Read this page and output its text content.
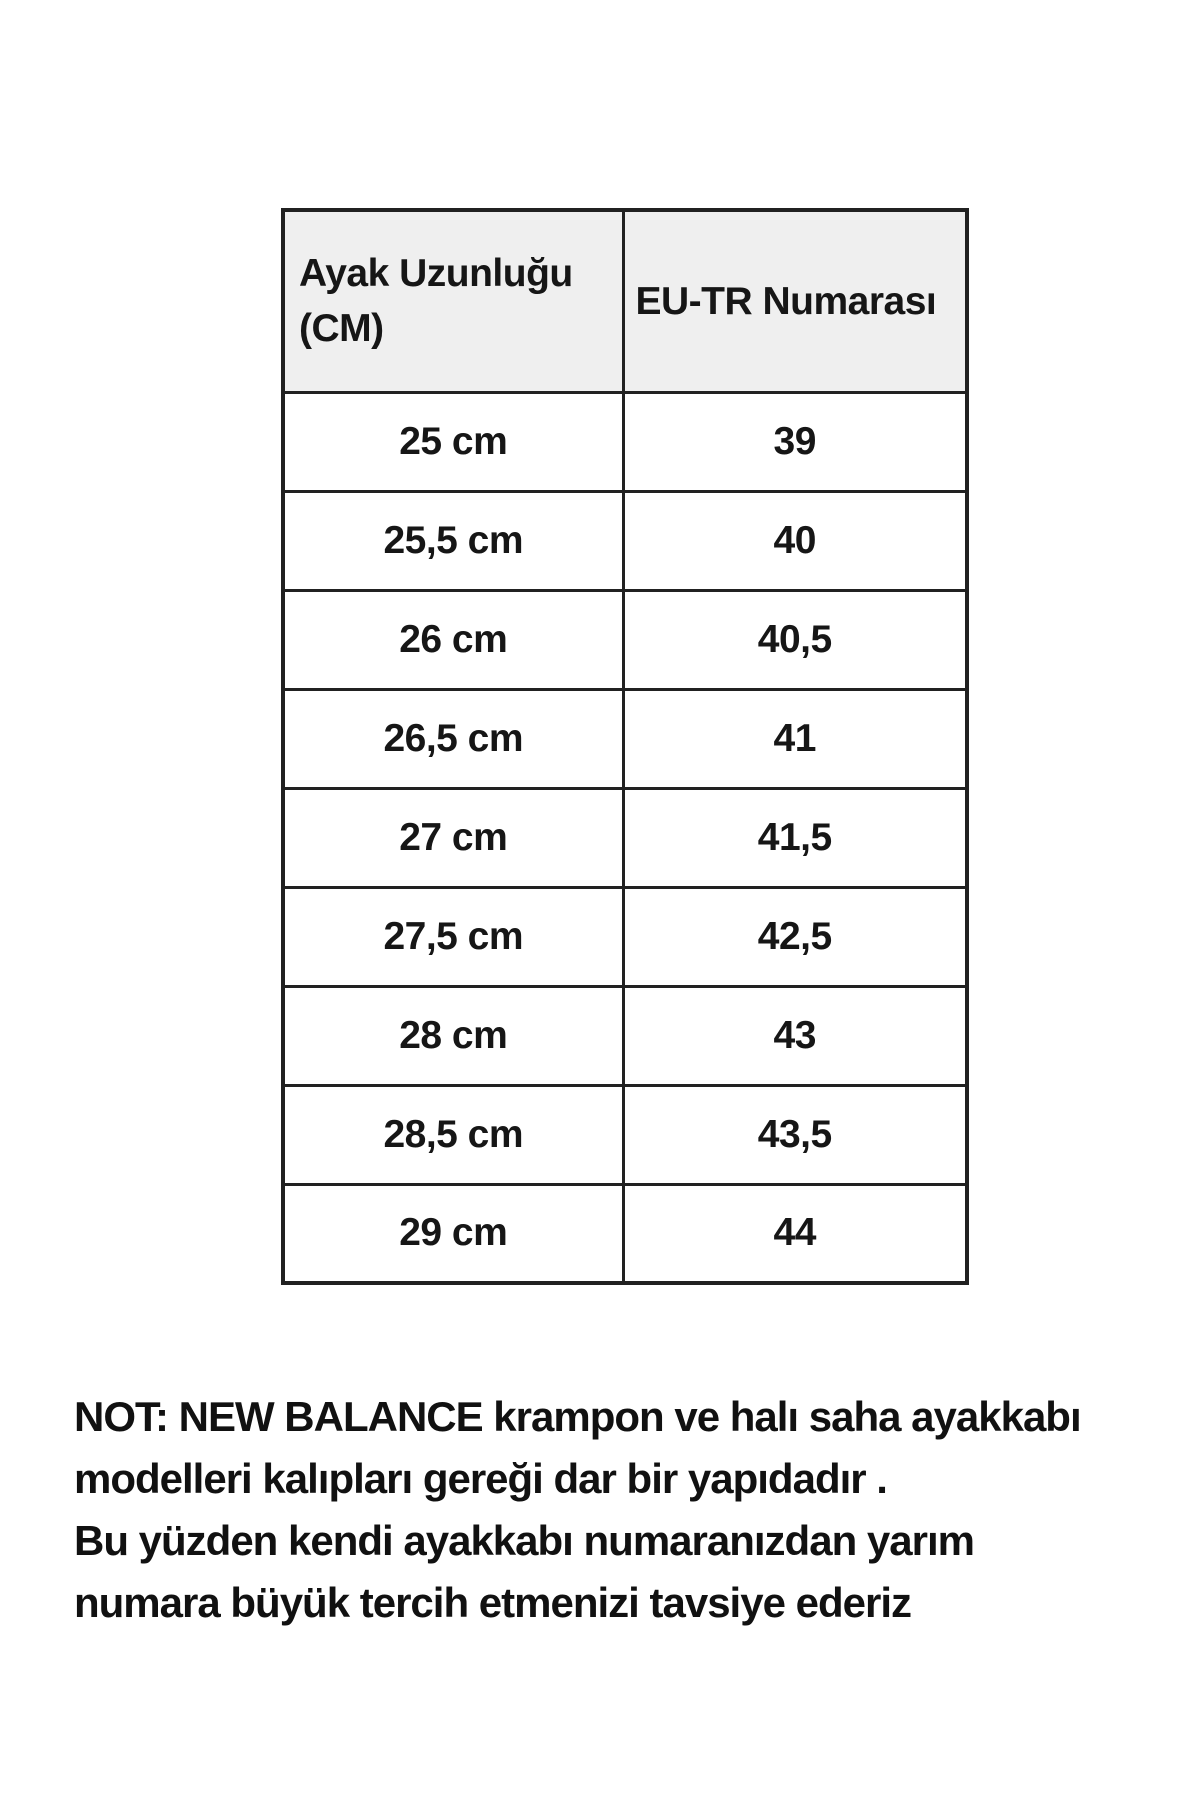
Ayak Uzunluğu (CM)	EU-TR Numarası
25 cm	39
25,5 cm	40
26 cm	40,5
26,5 cm	41
27 cm	41,5
27,5 cm	42,5
28 cm	43
28,5 cm	43,5
29 cm	44
NOT: NEW BALANCE krampon ve halı saha ayakkabı
modelleri kalıpları gereği dar bir yapıdadır .
Bu yüzden kendi ayakkabı numaranızdan yarım
numara büyük tercih etmenizi tavsiye ederiz
